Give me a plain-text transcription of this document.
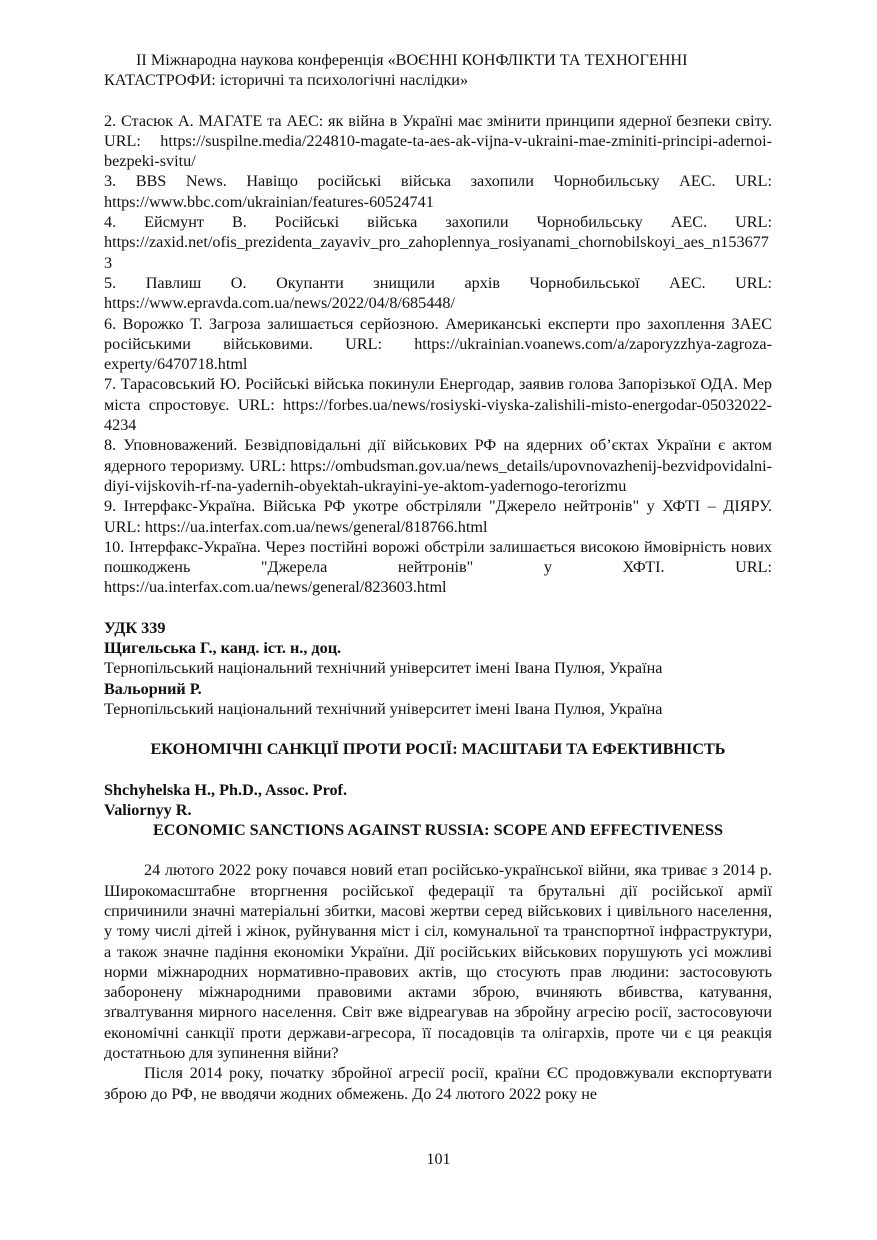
ІІ Міжнародна наукова конференція «ВОЄННІ КОНФЛІКТИ ТА ТЕХНОГЕННІ

КАТАСТРОФИ: історичні та психологічні наслідки»

2. Стасюк А. МАГАТЕ та АЕС: як війна в Україні має змінити принципи ядерної безпеки світу. URL: https://suspilne.media/224810-magate-ta-aes-ak-vijna-v-ukraini-mae-zminiti-principi-adernoi-bezpeki-svitu/

3. BBS News. Навіщо російські війська захопили Чорнобильську АЕС. URL: https://www.bbc.com/ukrainian/features-60524741

4. Ейсмунт В. Російські війська захопили Чорнобильську АЕС. URL: https://zaxid.net/ofis_prezidenta_zayaviv_pro_zahoplennya_rosiyanami_chornobilskoyi_aes_n1536773

5. Павлиш О. Окупанти знищили архів Чорнобильської АЕС. URL: https://www.epravda.com.ua/news/2022/04/8/685448/

6. Ворожко Т. Загроза залишається серйозною. Американські експерти про захоплення ЗАЕС російськими військовими. URL: https://ukrainian.voanews.com/a/zaporyzzhya-zagroza-experty/6470718.html

7. Тарасовський Ю. Російські війська покинули Енергодар, заявив голова Запорізької ОДА. Мер міста спростовує. URL: https://forbes.ua/news/rosiyski-viyska-zalishili-misto-energodar-05032022-4234

8. Уповноважений. Безвідповідальні дії військових РФ на ядерних об’єктах України є актом ядерного тероризму. URL: https://ombudsman.gov.ua/news_details/upovnovazhenij-bezvidpovidalni-diyi-vijskovih-rf-na-yadernih-obyektah-ukrayini-ye-aktom-yadernogo-terorizmu

9. Інтерфакс-Україна. Війська РФ укотре обстріляли "Джерело нейтронів" у ХФТІ – ДІЯРУ. URL: https://ua.interfax.com.ua/news/general/818766.html

10. Інтерфакс-Україна. Через постійні ворожі обстріли залишається високою ймовірність нових пошкоджень "Джерела нейтронів" у ХФТІ. URL: https://ua.interfax.com.ua/news/general/823603.html

УДК 339

Щигельська Г., канд. іст. н., доц.

Тернопільський національний технічний університет імені Івана Пулюя, Україна

Вальорний Р.

Тернопільський національний технічний університет імені Івана Пулюя, Україна

ЕКОНОМІЧНІ САНКЦІЇ ПРОТИ РОСІЇ: МАСШТАБИ ТА ЕФЕКТИВНІСТЬ

Shchyhelska H., Ph.D., Assoc. Prof.

Valiornyy R.

ECONOMIC SANCTIONS AGAINST RUSSIA: SCOPE AND EFFECTIVENESS

24 лютого 2022 року почався новий етап російсько-української війни, яка триває з 2014 р. Широкомасштабне вторгнення російської федерації та брутальні дії російської армії спричинили значні матеріальні збитки, масові жертви серед військових і цивільного населення, у тому числі дітей і жінок, руйнування міст і сіл, комунальної та транспортної інфраструктури, а також значне падіння економіки України. Дії російських військових порушують усі можливі норми міжнародних нормативно-правових актів, що стосують прав людини: застосовують заборонену міжнародними правовими актами зброю, вчиняють вбивства, катування, зґвалтування мирного населення. Світ вже відреагував на збройну агресію росії, застосовуючи економічні санкції проти держави-агресора, її посадовців та олігархів, проте чи є ця реакція достатньою для зупинення війни?

Після 2014 року, початку збройної агресії росії, країни ЄС продовжували експортувати зброю до РФ, не вводячи жодних обмежень. До 24 лютого 2022 року не

101
